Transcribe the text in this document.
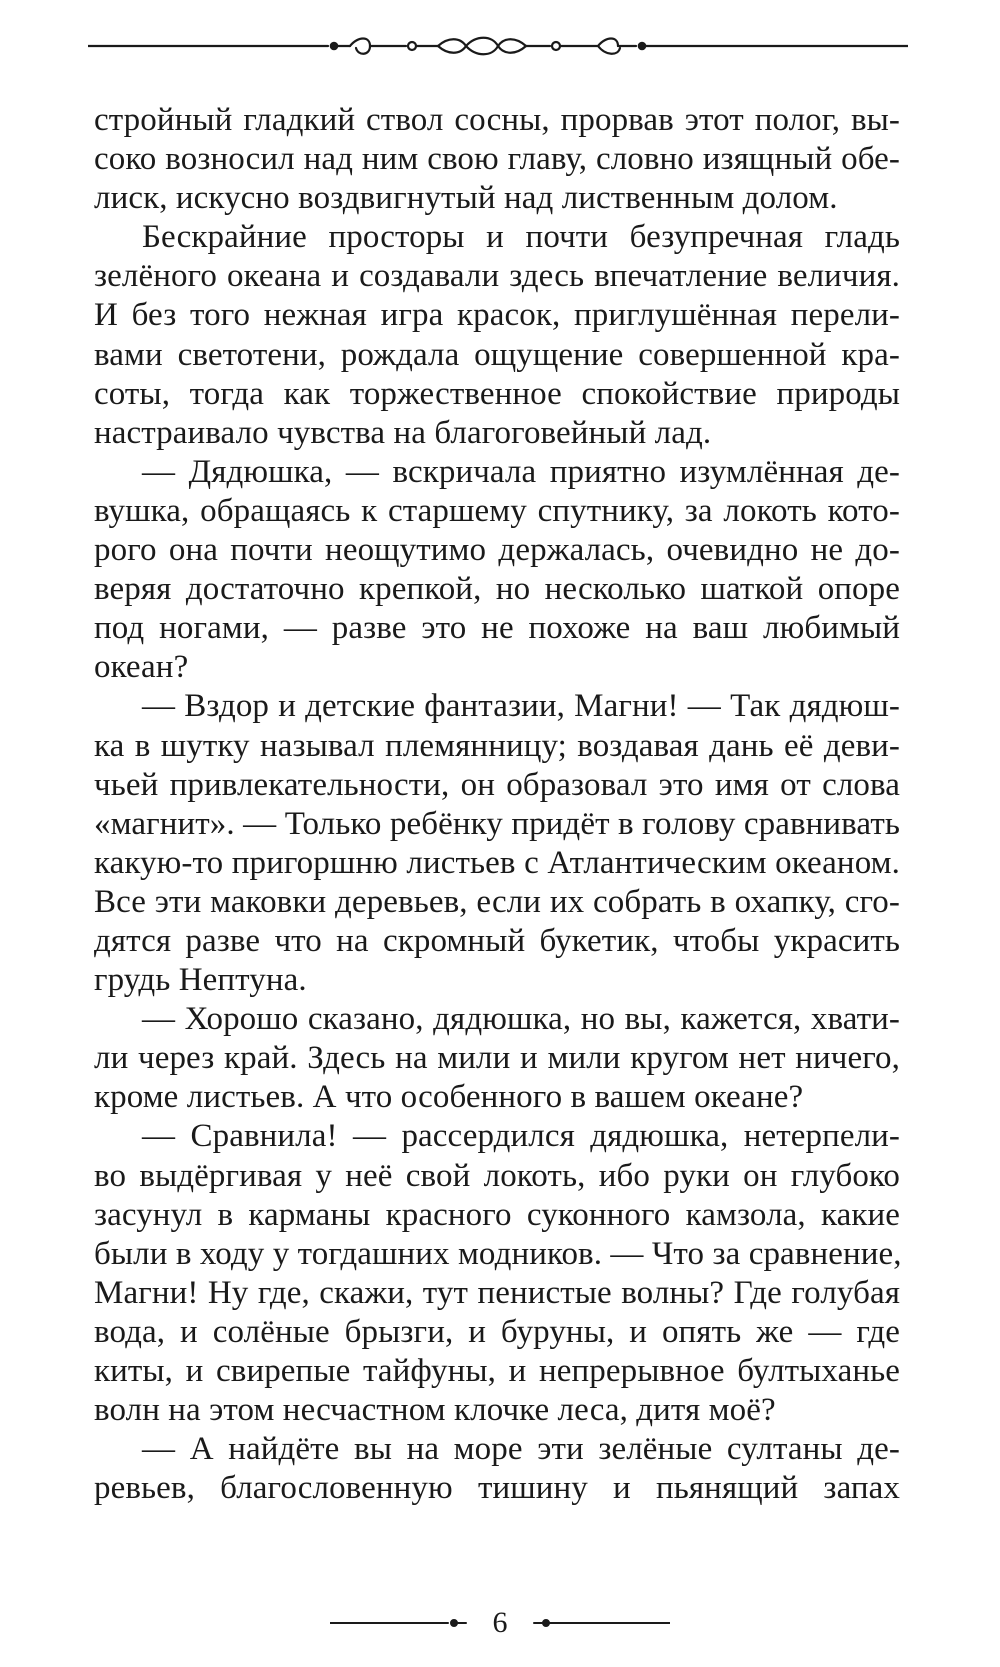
стройный гладкий ствол сосны, прорвав этот полог, вы-
соко возносил над ним свою главу, словно изящный обе-
лиск, искусно воздвигнутый над лиственным долом.
Бескрайние просторы и почти безупречная гладь
зелёного океана и создавали здесь впечатление величия.
И без того нежная игра красок, приглушённая перели-
вами светотени, рождала ощущение совершенной кра-
соты, тогда как торжественное спокойствие природы
настраивало чувства на благоговейный лад.
— Дядюшка, — вскричала приятно изумлённая де-
вушка, обращаясь к старшему спутнику, за локоть кото-
рого она почти неощутимо держалась, очевидно не до-
веряя достаточно крепкой, но несколько шаткой опоре
под ногами, — разве это не похоже на ваш любимый
океан?
— Вздор и детские фантазии, Магни! — Так дядюш-
ка в шутку называл племянницу; воздавая дань её деви-
чьей привлекательности, он образовал это имя от слова
«магнит». — Только ребёнку придёт в голову сравнивать
какую-то пригоршню листьев с Атлантическим океаном.
Все эти маковки деревьев, если их собрать в охапку, сго-
дятся разве что на скромный букетик, чтобы украсить
грудь Нептуна.
— Хорошо сказано, дядюшка, но вы, кажется, хвати-
ли через край. Здесь на мили и мили кругом нет ничего,
кроме листьев. А что особенного в вашем океане?
— Сравнила! — рассердился дядюшка, нетерпели-
во выдёргивая у неё свой локоть, ибо руки он глубоко
засунул в карманы красного суконного камзола, какие
были в ходу у тогдашних модников. — Что за сравнение,
Магни! Ну где, скажи, тут пенистые волны? Где голубая
вода, и солёные брызги, и буруны, и опять же — где
киты, и свирепые тайфуны, и непрерывное бултыханье
волн на этом несчастном клочке леса, дитя моё?
— А найдёте вы на море эти зелёные султаны де-
ревьев, благословенную тишину и пьянящий запах
6
